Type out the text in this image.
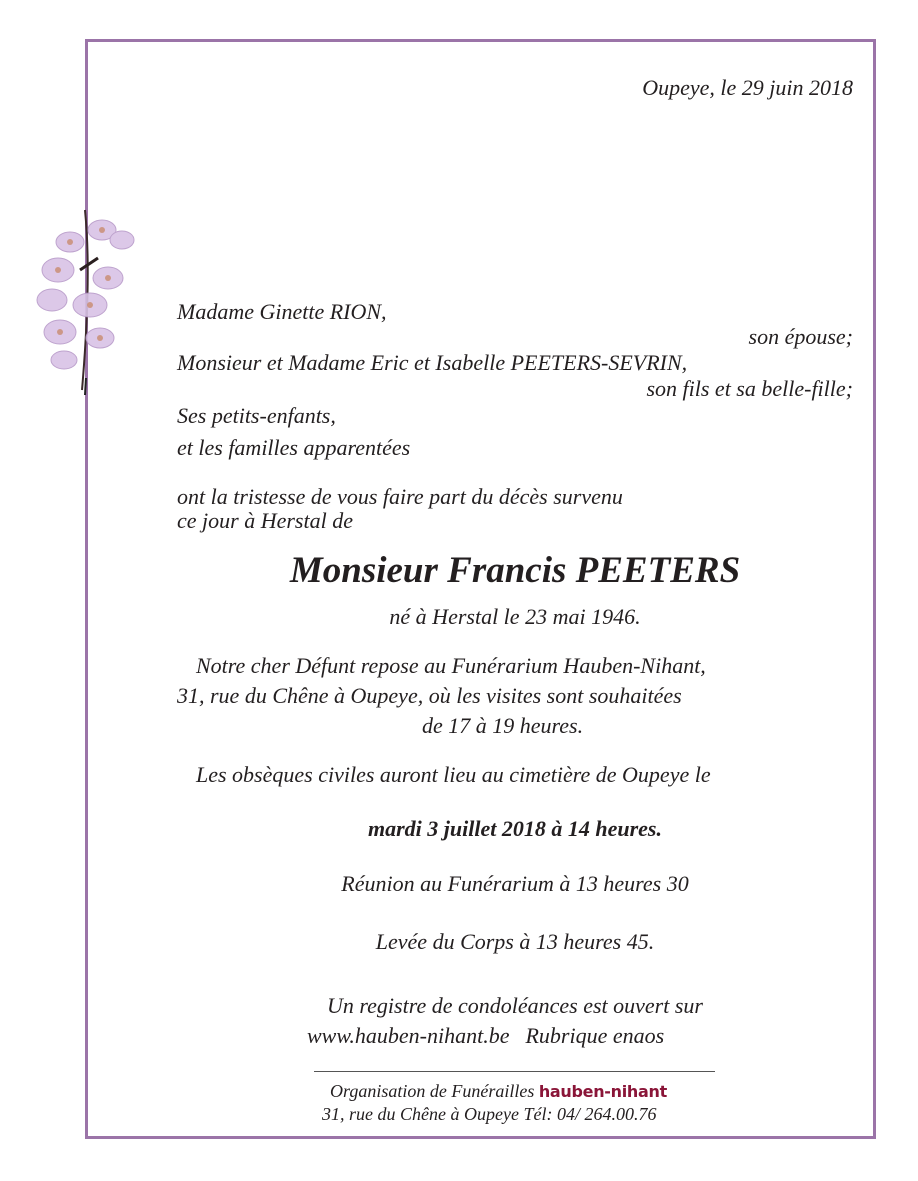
Oupeye, le 29 juin 2018
Madame Ginette RION,
son épouse;
Monsieur et Madame Eric et Isabelle PEETERS-SEVRIN,
son fils et sa belle-fille;
Ses petits-enfants,
et les familles apparentées
ont la tristesse de vous faire part du décès survenu
ce jour à Herstal de
Monsieur Francis PEETERS
né à Herstal le 23 mai 1946.
Notre cher Défunt repose au Funérarium Hauben-Nihant,
31, rue du Chêne à Oupeye, où les visites sont souhaitées
de 17 à 19 heures.
Les obsèques civiles auront lieu au cimetière de Oupeye le
mardi 3 juillet 2018 à 14 heures.
Réunion au Funérarium à 13 heures 30
Levée du Corps à 13 heures 45.
Un registre de condoléances est ouvert sur
www.hauben-nihant.be Rubrique enaos
Organisation de Funérailles hauben-nihant
31, rue du Chêne à Oupeye Tél: 04/ 264.00.76
